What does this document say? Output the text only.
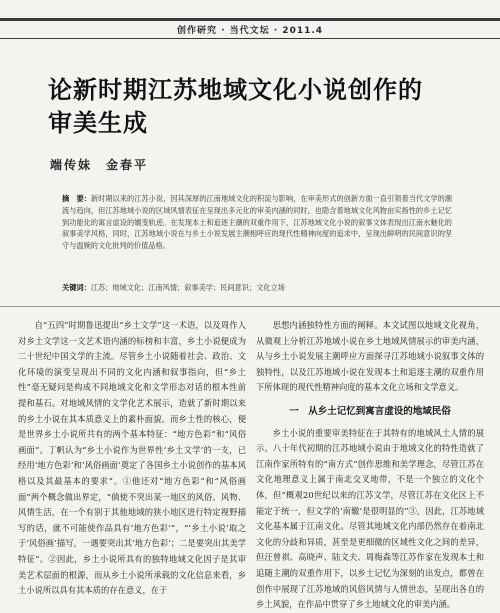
创作研究 · 当代文坛 · 2011.4
论新时期江苏地域文化小说创作的
审美生成
端传妹　金春平
摘　要：新时期以来的江苏小说，因其深厚的江南地域文化的积淀与影响，在审美形式的创新方面一直引领着当代文学的潮流与趋向，但江苏地域小说的区域风情表征在呈现出多元化的审美内涵的同时，也隐含着地域文化风物由实指性的乡土记忆到功能化的寓言虚设的嬗变轨迹。在发现本土和追逐主潮的双重作用下，江苏地域文化小说的叙事文体表现出江南水魅化的叙事美学风格，同时，江苏地域小说在与乡土小说发展主潮相呼应的现代性精神向度的追求中，呈现出鲜明的民间意识的坚守与温婉的文化批判的价值品格。
关键词：江苏；地域文化；江南风情；叙事美学；民间意识；文化立场

自“五四”时期鲁迅提出“乡土文学”这一术语，以及周作人对乡土文学这一文艺术语内涵的标榜和丰富，乡土小说便成为二十世纪中国文学的主流。尽管乡土小说随着社会、政治、文化环境的演变呈现出不同的文化内涵和叙事指向，但“乡土性”毫无疑问是构成不同地域文化和文学形态对话的根本性前提和基石。对地域风情的文学化艺术展示，造就了新时期以来的乡土小说在其本质意义上的素朴面貌。而乡土性的核心，便是世界乡土小说所共有的两个基本特征：“地方色彩”和“风俗画面”。丁帆认为“乡土小说作为世界性‘乡土文学’的一支，已经用‘地方色彩’和‘风俗画面’奠定了各国乡土小说创作的基本风格以及其最基本的要求”。①他还对“地方色彩”和“风俗画面”两个概念做出界定，“倘使不突出某一地区的风俗、风物、风情生活，在一个有别于其他地域的狭小地区进行特定视野描写的话，就不可能使作品具有‘地方色彩’”，“‘乡土小说’取之于‘风俗画’描写，一遇要突出其‘地方色彩’；二是要突出其美学特征”。②因此，乡土小说所具有的独特地域文化因子是其审美艺术层面的根源，而从乡土小说所承载的文化信息来看，乡土小说所以具有其本质的存在意义，在于

思想内涵独特性方面的阐释。本文试图以地域文化视角，从微观上分析江苏地域小说在乡土地域风情展示的审美内涵，从与乡土小说发展主潮呼应方面探寻江苏地域小说叙事文体的独特性，以及江苏地域小说在发现本土和追逐主潮的双重作用下所体现的现代性精神向度的基本文化立场和文学意义。

一　从乡土记忆到寓言虚设的地域民俗

乡土小说的重要审美特征在于其特有的地域风土人情的展示。八十年代初期的江苏地域小说由于地域文化的特性造就了江南作家所特有的“南方式”创作思维和美学理念，尽管江苏在文化地理意义上属于南北交叉地带，不是一个独立的文化个体，但“概观20世纪以来的江苏文学，尽管江苏在文化区上不能定于统一，但文学的‘南辙’是很明显的”③，因此，江苏地域文化基本属于江南文化。尽管其地域文化内部仍然存在着南北文化的分歧和异质，甚至是更细微的区域性文化之间的差异，但汪曾祺、高晓声、陆文夫、周梅森等江苏作家在发现本土和追随主潮的双重作用下，以乡土记忆为深刻的出发点，都曾在创作中展现了江苏地域的风俗风情与人情世态，呈现出各自的乡土风貌，在作品中贯穿了乡土地域文化的审美内涵。
